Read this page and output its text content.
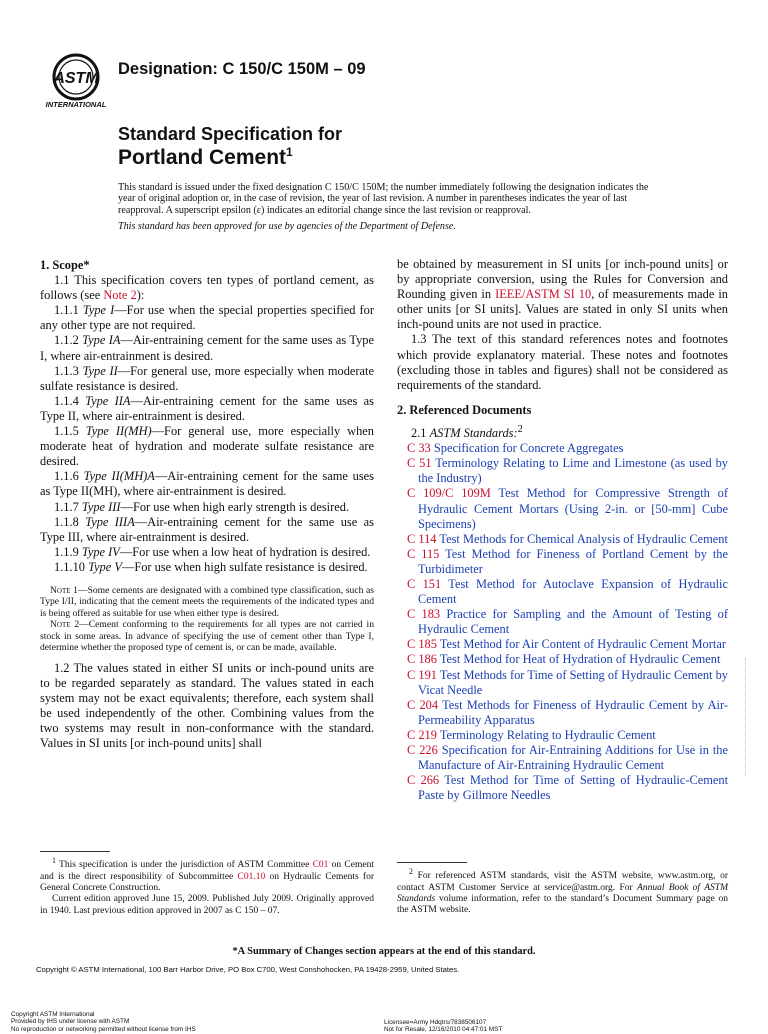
ASTM
INTERNATIONAL
Designation: C 150/C 150M – 09
Standard Specification for
Portland Cement$^1$

This standard is issued under the fixed designation C 150/C 150M; the number immediately following the designation indicates the year of original adoption or, in the case of revision, the year of last revision. A number in parentheses indicates the year of last reapproval. A superscript epsilon (ε) indicates an editorial change since the last revision or reapproval.

This standard has been approved for use by agencies of the Department of Defense.

1. Scope*

1.1 This specification covers ten types of portland cement, as follows (see Note 2):

1.1.1 Type I—For use when the special properties specified for any other type are not required.

1.1.2 Type IA—Air-entraining cement for the same uses as Type I, where air-entrainment is desired.

1.1.3 Type II—For general use, more especially when moderate sulfate resistance is desired.

1.1.4 Type IIA—Air-entraining cement for the same uses as Type II, where air-entrainment is desired.

1.1.5 Type II(MH)—For general use, more especially when moderate heat of hydration and moderate sulfate resistance are desired.

1.1.6 Type II(MH)A—Air-entraining cement for the same uses as Type II(MH), where air-entrainment is desired.

1.1.7 Type III—For use when high early strength is desired.

1.1.8 Type IIIA—Air-entraining cement for the same use as Type III, where air-entrainment is desired.

1.1.9 Type IV—For use when a low heat of hydration is desired.

1.1.10 Type V—For use when high sulfate resistance is desired.

Note 1—Some cements are designated with a combined type classification, such as Type I/II, indicating that the cement meets the requirements of the indicated types and is being offered as suitable for use when either type is desired.
Note 2—Cement conforming to the requirements for all types are not carried in stock in some areas. In advance of specifying the use of cement other than Type I, determine whether the proposed type of cement is, or can be made, available.

1.2 The values stated in either SI units or inch-pound units are to be regarded separately as standard. The values stated in each system may not be exact equivalents; therefore, each system shall be used independently of the other. Combining values from the two systems may result in non-conformance with the standard. Values in SI units [or inch-pound units] shall

be obtained by measurement in SI units [or inch-pound units] or by appropriate conversion, using the Rules for Conversion and Rounding given in IEEE/ASTM SI 10, of measurements made in other units [or SI units]. Values are stated in only SI units when inch-pound units are not used in practice.

1.3 The text of this standard references notes and footnotes which provide explanatory material. These notes and footnotes (excluding those in tables and figures) shall not be considered as requirements of the standard.

2. Referenced Documents

2.1 ASTM Standards:$^2$

C 33 Specification for Concrete Aggregates

C 51 Terminology Relating to Lime and Limestone (as used by the Industry)

C 109/C 109M Test Method for Compressive Strength of Hydraulic Cement Mortars (Using 2-in. or [50-mm] Cube Specimens)

C 114 Test Methods for Chemical Analysis of Hydraulic Cement

C 115 Test Method for Fineness of Portland Cement by the Turbidimeter

C 151 Test Method for Autoclave Expansion of Hydraulic Cement

C 183 Practice for Sampling and the Amount of Testing of Hydraulic Cement

C 185 Test Method for Air Content of Hydraulic Cement Mortar

C 186 Test Method for Heat of Hydration of Hydraulic Cement

C 191 Test Methods for Time of Setting of Hydraulic Cement by Vicat Needle

C 204 Test Methods for Fineness of Hydraulic Cement by Air-Permeability Apparatus

C 219 Terminology Relating to Hydraulic Cement

C 226 Specification for Air-Entraining Additions for Use in the Manufacture of Air-Entraining Hydraulic Cement

C 266 Test Method for Time of Setting of Hydraulic-Cement Paste by Gillmore Needles

$^1$ This specification is under the jurisdiction of ASTM Committee C01 on Cement and is the direct responsibility of Subcommittee C01.10 on Hydraulic Cements for General Concrete Construction.

Current edition approved June 15, 2009. Published July 2009. Originally approved in 1940. Last previous edition approved in 2007 as C 150 – 07.

$^2$ For referenced ASTM standards, visit the ASTM website, www.astm.org, or contact ASTM Customer Service at service@astm.org. For Annual Book of ASTM Standards volume information, refer to the standard’s Document Summary page on the ASTM website.

*A Summary of Changes section appears at the end of this standard.
Copyright © ASTM International, 100 Barr Harbor Drive, PO Box C700, West Conshohocken, PA 19428-2959, United States.
Copyright ASTM International
Provided by IHS under license with ASTM
No reproduction or networking permitted without license from IHS
Licensee=Army Hdqtrs/7838506107
Not for Resale, 12/16/2010 04:47:01 MST
